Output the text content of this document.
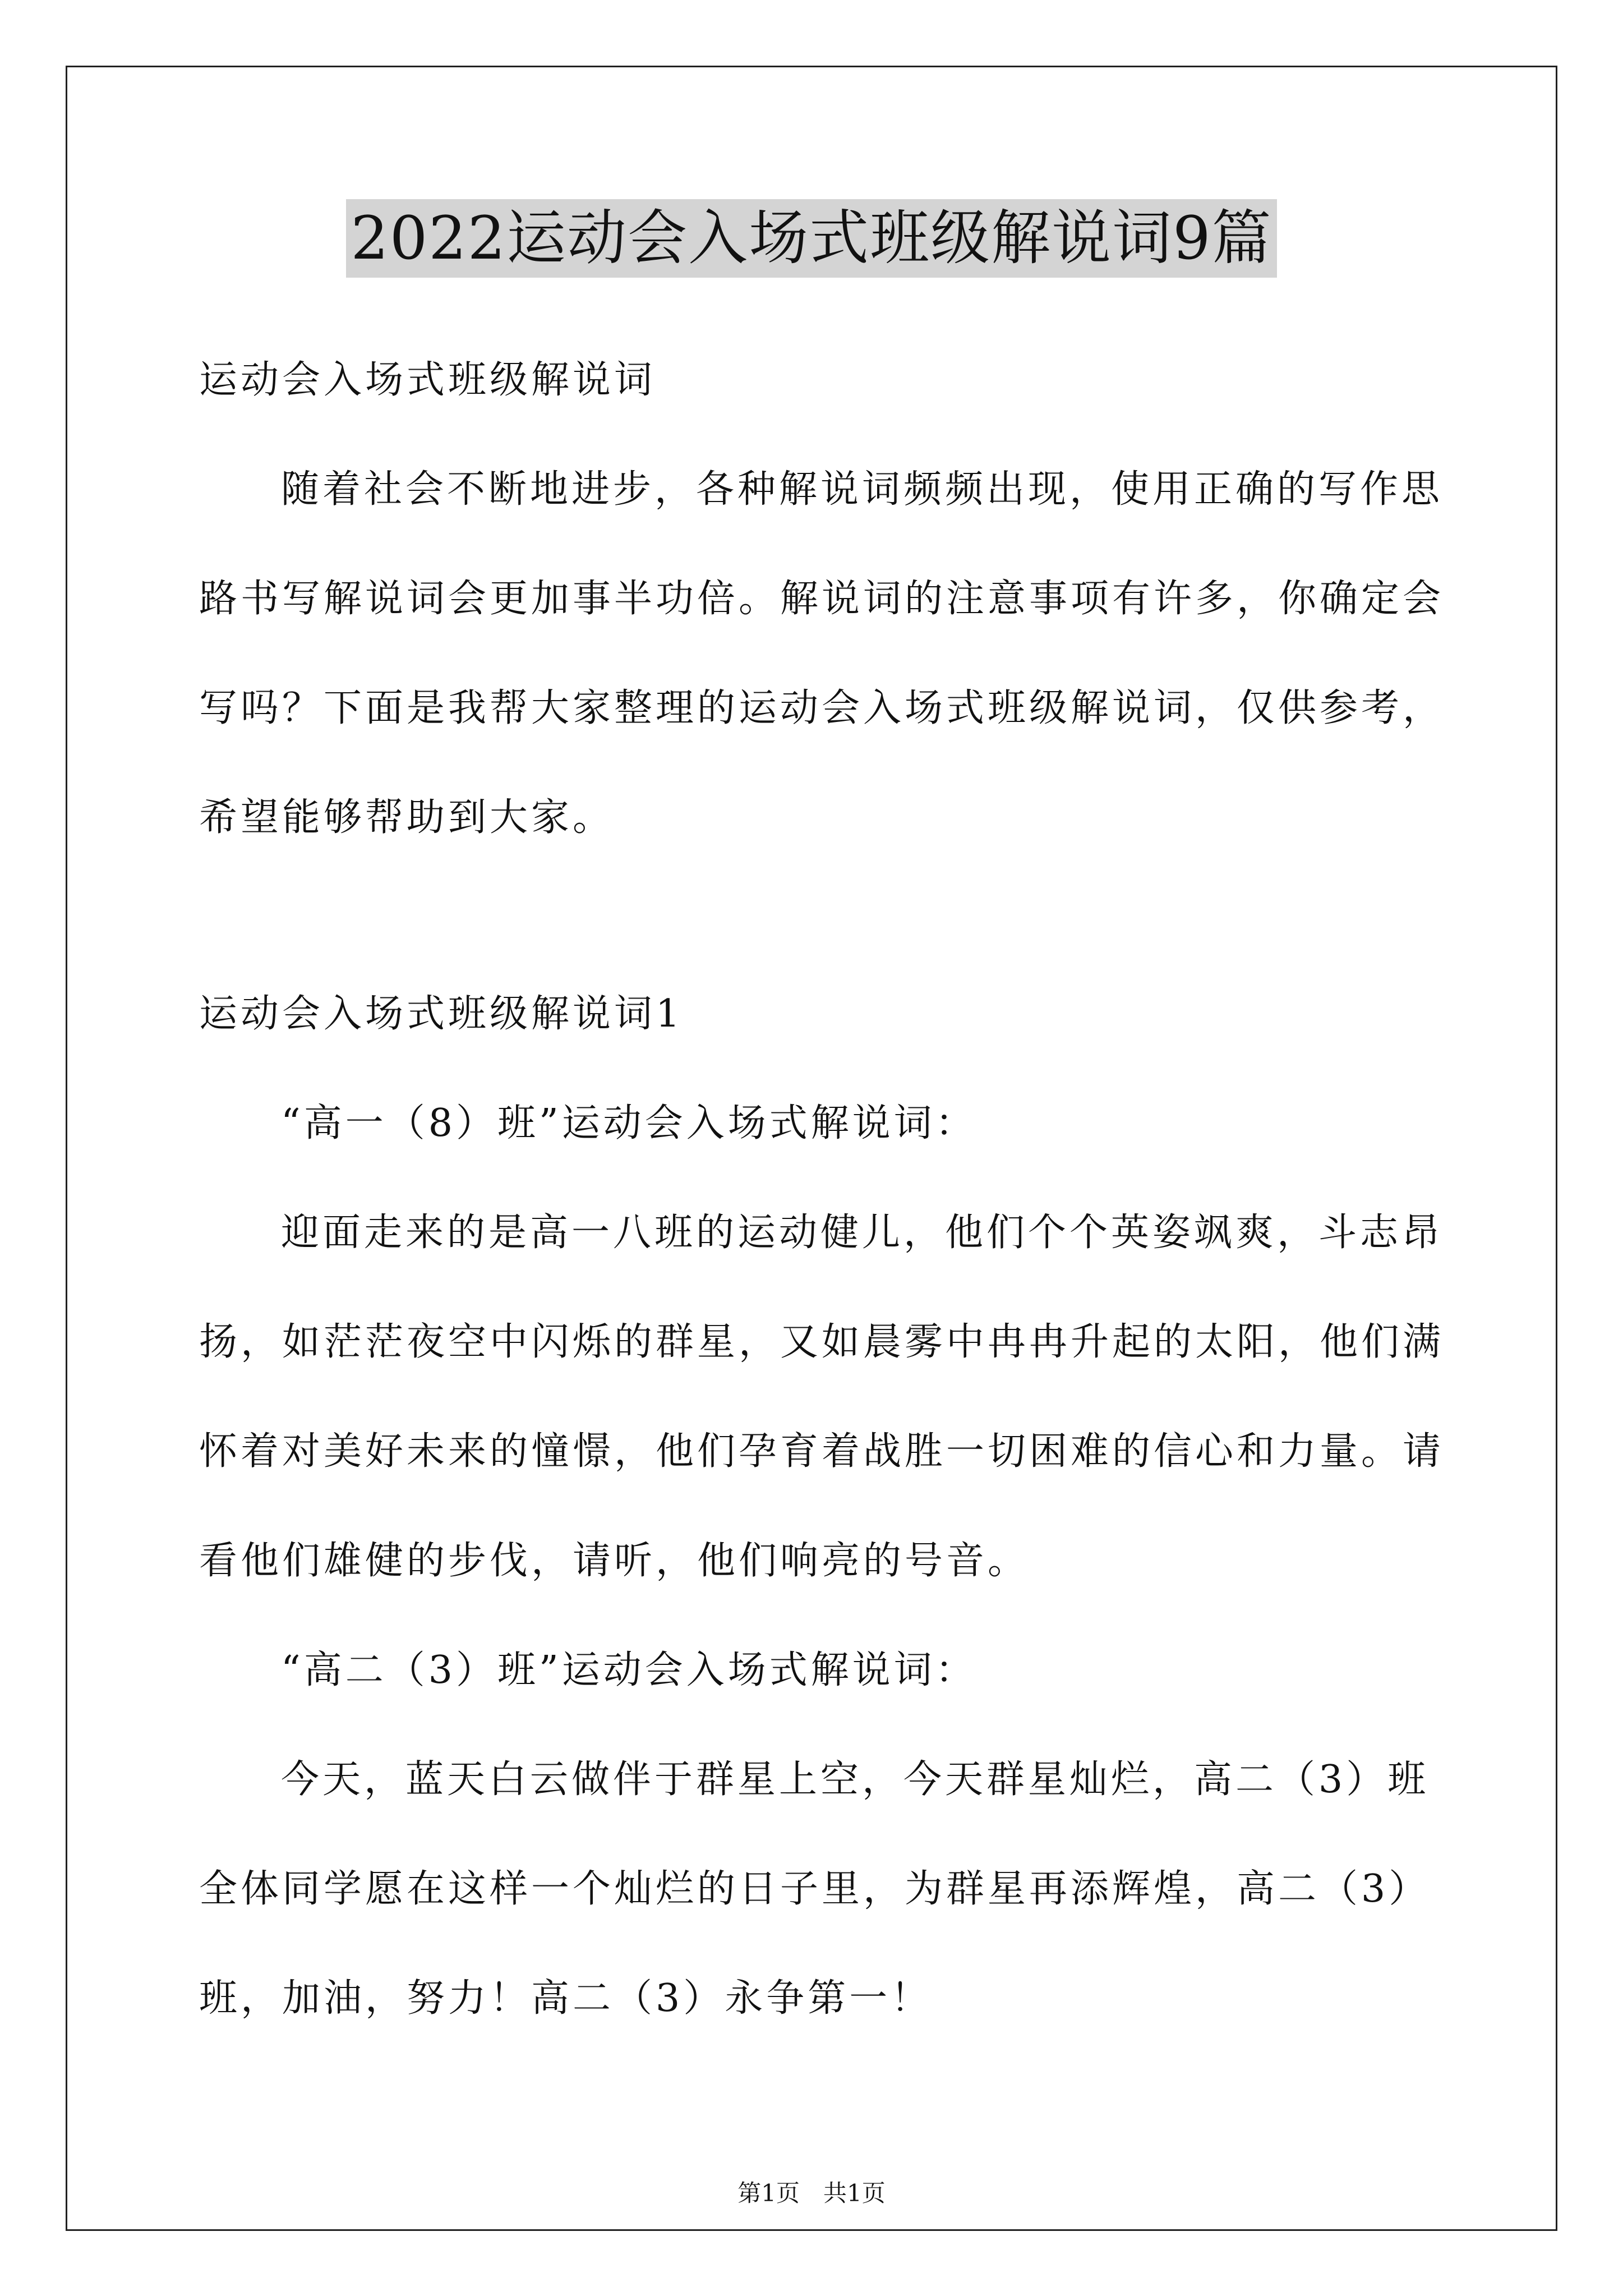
2022运动会入场式班级解说词9篇

运动会入场式班级解说词

随着社会不断地进步，各种解说词频频出现，使用正确的写作思路书写解说词会更加事半功倍。解说词的注意事项有许多，你确定会写吗？下面是我帮大家整理的运动会入场式班级解说词，仅供参考，希望能够帮助到大家。

运动会入场式班级解说词1

“高一（8）班”运动会入场式解说词：

迎面走来的是高一八班的运动健儿，他们个个英姿飒爽，斗志昂扬，如茫茫夜空中闪烁的群星，又如晨雾中冉冉升起的太阳，他们满怀着对美好未来的憧憬，他们孕育着战胜一切困难的信心和力量。请看他们雄健的步伐，请听，他们响亮的号音。

“高二（3）班”运动会入场式解说词：

今天，蓝天白云做伴于群星上空，今天群星灿烂，高二（3）班全体同学愿在这样一个灿烂的日子里，为群星再添辉煌，高二（3）班，加油，努力！高二（3）永争第一！

第1页　共1页
